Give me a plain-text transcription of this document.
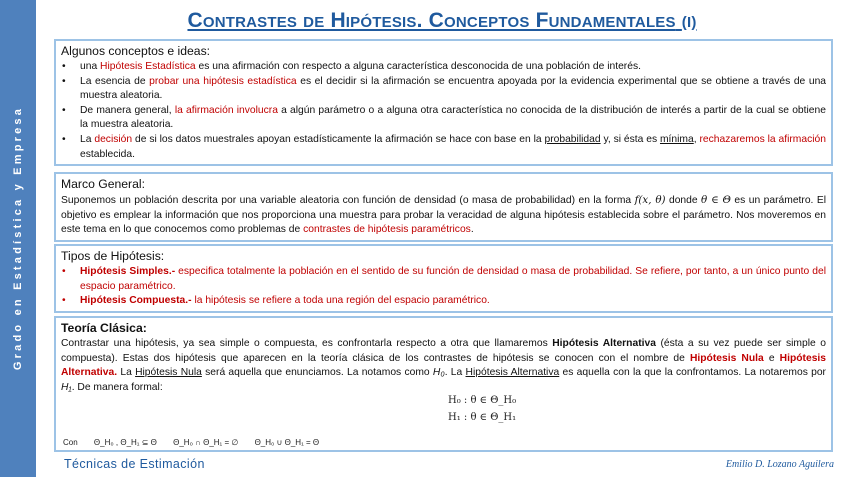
Grado en Estadística y Empresa
Contrastes de Hipótesis. Conceptos Fundamentales (I)
Algunos conceptos e ideas:
• una Hipótesis Estadística es una afirmación con respecto a alguna característica desconocida de una población de interés.
• La esencia de probar una hipótesis estadística es el decidir si la afirmación se encuentra apoyada por la evidencia experimental que se obtiene a través de una muestra aleatoria.
• De manera general, la afirmación involucra a algún parámetro o a alguna otra característica no conocida de la distribución de interés a partir de la cual se obtiene la muestra aleatoria.
• La decisión de si los datos muestrales apoyan estadísticamente la afirmación se hace con base en la probabilidad y, si ésta es mínima, rechazaremos la afirmación establecida.
Marco General:
Suponemos un población descrita por una variable aleatoria con función de densidad (o masa de probabilidad) en la forma f(x, θ) donde θ ∈ Θ es un parámetro. El objetivo es emplear la información que nos proporciona una muestra para probar la veracidad de alguna hipótesis establecida sobre el parámetro. Nos moveremos en este tema en lo que conocemos como problemas de contrastes de hipótesis paramétricos.
Tipos de Hipótesis:
• Hipótesis Simples.- especifica totalmente la población en el sentido de su función de densidad o masa de probabilidad. Se refiere, por tanto, a un único punto del espacio paramétrico.
• Hipótesis Compuesta.- la hipótesis se refiere a toda una región del espacio paramétrico.
Teoría Clásica:
Contrastar una hipótesis, ya sea simple o compuesta, es confrontarla respecto a otra que llamaremos Hipótesis Alternativa (ésta a su vez puede ser simple o compuesta). Estas dos hipótesis que aparecen en la teoría clásica de los contrastes de hipótesis se conocen con el nombre de Hipótesis Nula e Hipótesis Alternativa. La Hipótesis Nula será aquella que enunciamos. La notamos como H₀. La Hipótesis Alternativa es aquella con la que la confrontamos. La notaremos por H₁. De manera formal:
H₀ : θ ∈ Θ_H₀
H₁ : θ ∈ Θ_H₁
Con Θ_H₀ , Θ_H₁ ⊆ Θ Θ_H₀ ∩ Θ_H₁ = ∅ Θ_H₀ ∪ Θ_H₁ = Θ
Técnicas de Estimación	Emilio D. Lozano Aguilera
